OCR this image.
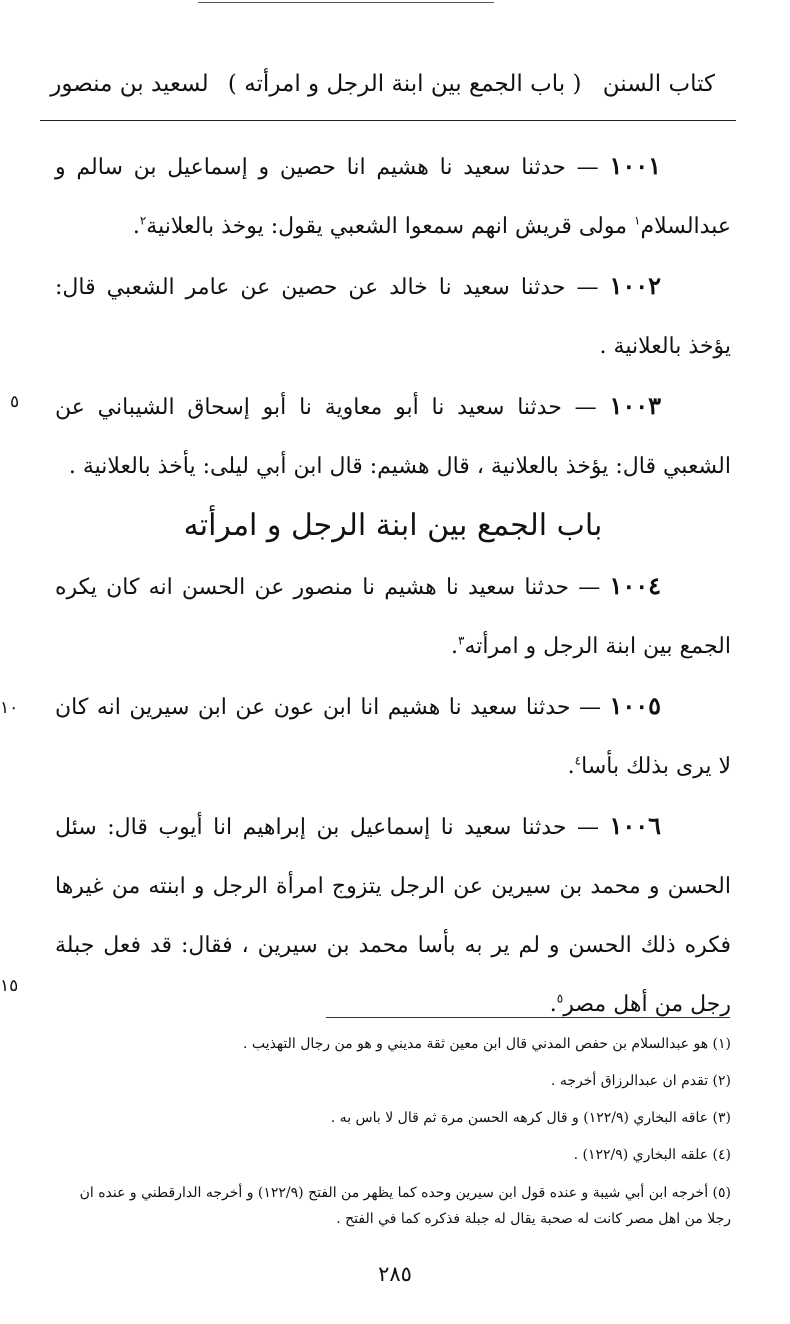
كتاب السنن ( باب الجمع بين ابنة الرجل و امرأته ) لسعيد بن منصور
٥
١٠
١٥

١٠٠١ — حدثنا سعيد نا هشيم انا حصين و إسماعيل بن سالم و عبدالسلام$^١$ مولى قريش انهم سمعوا الشعبي يقول: يوخذ بالعلانية$^٢$.

١٠٠٢ — حدثنا سعيد نا خالد عن حصين عن عامر الشعبي قال: يؤخذ بالعلانية .

١٠٠٣ — حدثنا سعيد نا أبو معاوية نا أبو إسحاق الشيباني عن الشعبي قال: يؤخذ بالعلانية ، قال هشيم: قال ابن أبي ليلى: يأخذ بالعلانية .

باب الجمع بين ابنة الرجل و امرأته

١٠٠٤ — حدثنا سعيد نا هشيم نا منصور عن الحسن انه كان يكره الجمع بين ابنة الرجل و امرأته$^٣$.

١٠٠٥ — حدثنا سعيد نا هشيم انا ابن عون عن ابن سيرين انه كان لا يرى بذلك بأسا$^٤$.

١٠٠٦ — حدثنا سعيد نا إسماعيل بن إبراهيم انا أيوب قال: سئل الحسن و محمد بن سيرين عن الرجل يتزوج امرأة الرجل و ابنته من غيرها فكره ذلك الحسن و لم ير به بأسا محمد بن سيرين ، فقال: قد فعل جبلة رجل من أهل مصر$^٥$.

(١) هو عبدالسلام بن حفص المدني قال ابن معين ثقة مديني و هو من رجال التهذيب .

(٢) تقدم ان عبدالرزاق أخرجه .

(٣) عاقه البخاري (١٢٢/٩) و قال كرهه الحسن مرة ثم قال لا باس به .

(٤) علقه البخاري (١٢٢/٩) .

(٥) أخرجه ابن أبي شيبة و عنده قول ابن سيرين وحده كما يظهر من الفتح (١٢٢/٩) و أخرجه الدارقطني و عنده ان رجلا من اهل مصر كانت له صحبة يقال له جبلة فذكره كما في الفتح .

٢٨٥
